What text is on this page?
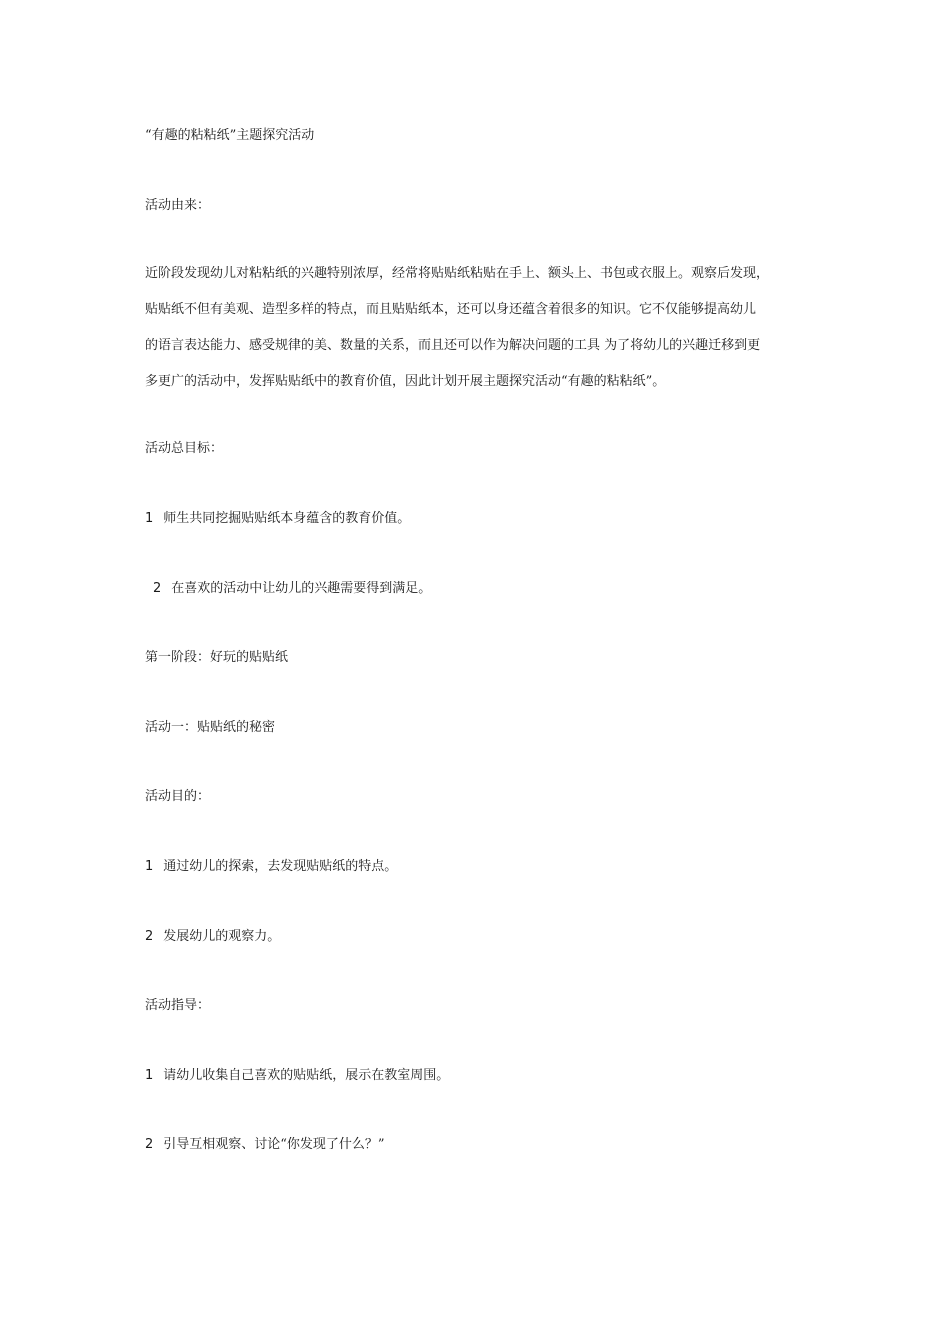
“有趣的粘粘纸”主题探究活动
活动由来：
近阶段发现幼儿对粘粘纸的兴趣特别浓厚，经常将贴贴纸粘贴在手上、额头上、书包或衣服上。观察后发现，
贴贴纸不但有美观、造型多样的特点，而且贴贴纸本，还可以身还蕴含着很多的知识。它不仅能够提高幼儿
的语言表达能力、感受规律的美、数量的关系，而且还可以作为解决问题的工具 为了将幼儿的兴趣迁移到更
多更广的活动中，发挥贴贴纸中的教育价值，因此计划开展主题探究活动“有趣的粘粘纸”。
活动总目标：
1 师生共同挖掘贴贴纸本身蕴含的教育价值。
2 在喜欢的活动中让幼儿的兴趣需要得到满足。
第一阶段：好玩的贴贴纸
活动一：贴贴纸的秘密
活动目的：
1 通过幼儿的探索，去发现贴贴纸的特点。
2 发展幼儿的观察力。
活动指导：
1 请幼儿收集自己喜欢的贴贴纸，展示在教室周围。
2 引导互相观察、讨论“你发现了什么？”
